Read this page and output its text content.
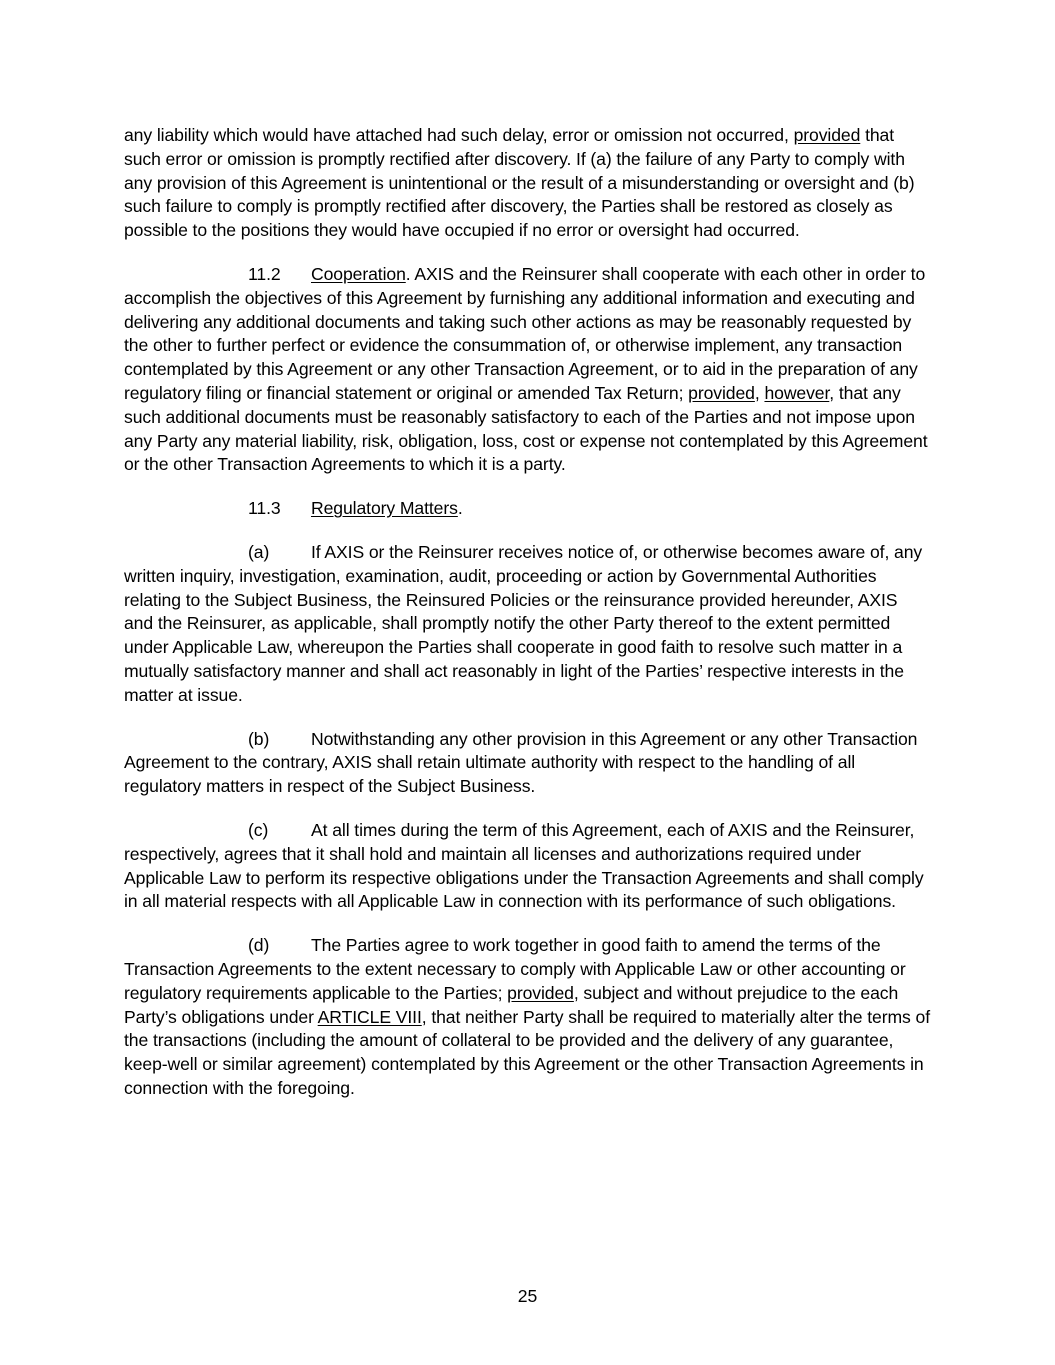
any liability which would have attached had such delay, error or omission not occurred, provided that such error or omission is promptly rectified after discovery. If (a) the failure of any Party to comply with any provision of this Agreement is unintentional or the result of a misunderstanding or oversight and (b) such failure to comply is promptly rectified after discovery, the Parties shall be restored as closely as possible to the positions they would have occupied if no error or oversight had occurred.

11.2 Cooperation. AXIS and the Reinsurer shall cooperate with each other in order to accomplish the objectives of this Agreement by furnishing any additional information and executing and delivering any additional documents and taking such other actions as may be reasonably requested by the other to further perfect or evidence the consummation of, or otherwise implement, any transaction contemplated by this Agreement or any other Transaction Agreement, or to aid in the preparation of any regulatory filing or financial statement or original or amended Tax Return; provided, however, that any such additional documents must be reasonably satisfactory to each of the Parties and not impose upon any Party any material liability, risk, obligation, loss, cost or expense not contemplated by this Agreement or the other Transaction Agreements to which it is a party.

11.3 Regulatory Matters.

(a) If AXIS or the Reinsurer receives notice of, or otherwise becomes aware of, any written inquiry, investigation, examination, audit, proceeding or action by Governmental Authorities relating to the Subject Business, the Reinsured Policies or the reinsurance provided hereunder, AXIS and the Reinsurer, as applicable, shall promptly notify the other Party thereof to the extent permitted under Applicable Law, whereupon the Parties shall cooperate in good faith to resolve such matter in a mutually satisfactory manner and shall act reasonably in light of the Parties’ respective interests in the matter at issue.

(b) Notwithstanding any other provision in this Agreement or any other Transaction Agreement to the contrary, AXIS shall retain ultimate authority with respect to the handling of all regulatory matters in respect of the Subject Business.

(c) At all times during the term of this Agreement, each of AXIS and the Reinsurer, respectively, agrees that it shall hold and maintain all licenses and authorizations required under Applicable Law to perform its respective obligations under the Transaction Agreements and shall comply in all material respects with all Applicable Law in connection with its performance of such obligations.

(d) The Parties agree to work together in good faith to amend the terms of the Transaction Agreements to the extent necessary to comply with Applicable Law or other accounting or regulatory requirements applicable to the Parties; provided, subject and without prejudice to the each Party’s obligations under ARTICLE VIII, that neither Party shall be required to materially alter the terms of the transactions (including the amount of collateral to be provided and the delivery of any guarantee, keep-well or similar agreement) contemplated by this Agreement or the other Transaction Agreements in connection with the foregoing.

25
